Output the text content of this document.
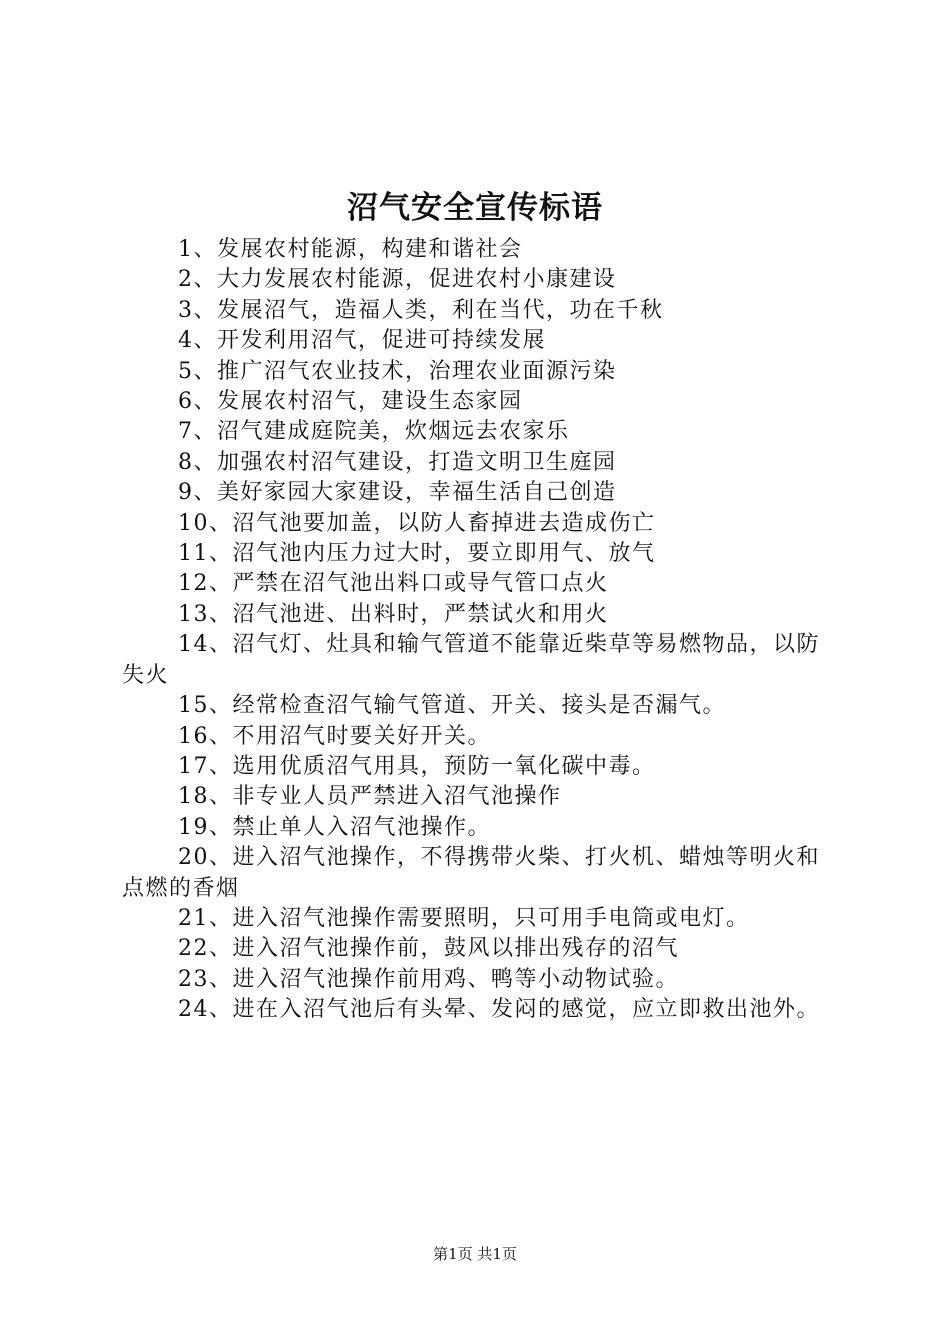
沼气安全宣传标语
1、发展农村能源，构建和谐社会
2、大力发展农村能源，促进农村小康建设
3、发展沼气，造福人类，利在当代，功在千秋
4、开发利用沼气，促进可持续发展
5、推广沼气农业技术，治理农业面源污染
6、发展农村沼气，建设生态家园
7、沼气建成庭院美，炊烟远去农家乐
8、加强农村沼气建设，打造文明卫生庭园
9、美好家园大家建设，幸福生活自己创造
10、沼气池要加盖，以防人畜掉进去造成伤亡
11、沼气池内压力过大时，要立即用气、放气
12、严禁在沼气池出料口或导气管口点火
13、沼气池进、出料时，严禁试火和用火
14、沼气灯、灶具和输气管道不能靠近柴草等易燃物品，以防失火
15、经常检查沼气输气管道、开关、接头是否漏气。
16、不用沼气时要关好开关。
17、选用优质沼气用具，预防一氧化碳中毒。
18、非专业人员严禁进入沼气池操作
19、禁止单人入沼气池操作。
20、进入沼气池操作，不得携带火柴、打火机、蜡烛等明火和点燃的香烟
21、进入沼气池操作需要照明，只可用手电筒或电灯。
22、进入沼气池操作前，鼓风以排出残存的沼气
23、进入沼气池操作前用鸡、鸭等小动物试验。
24、进在入沼气池后有头晕、发闷的感觉，应立即救出池外。
第1页 共1页
